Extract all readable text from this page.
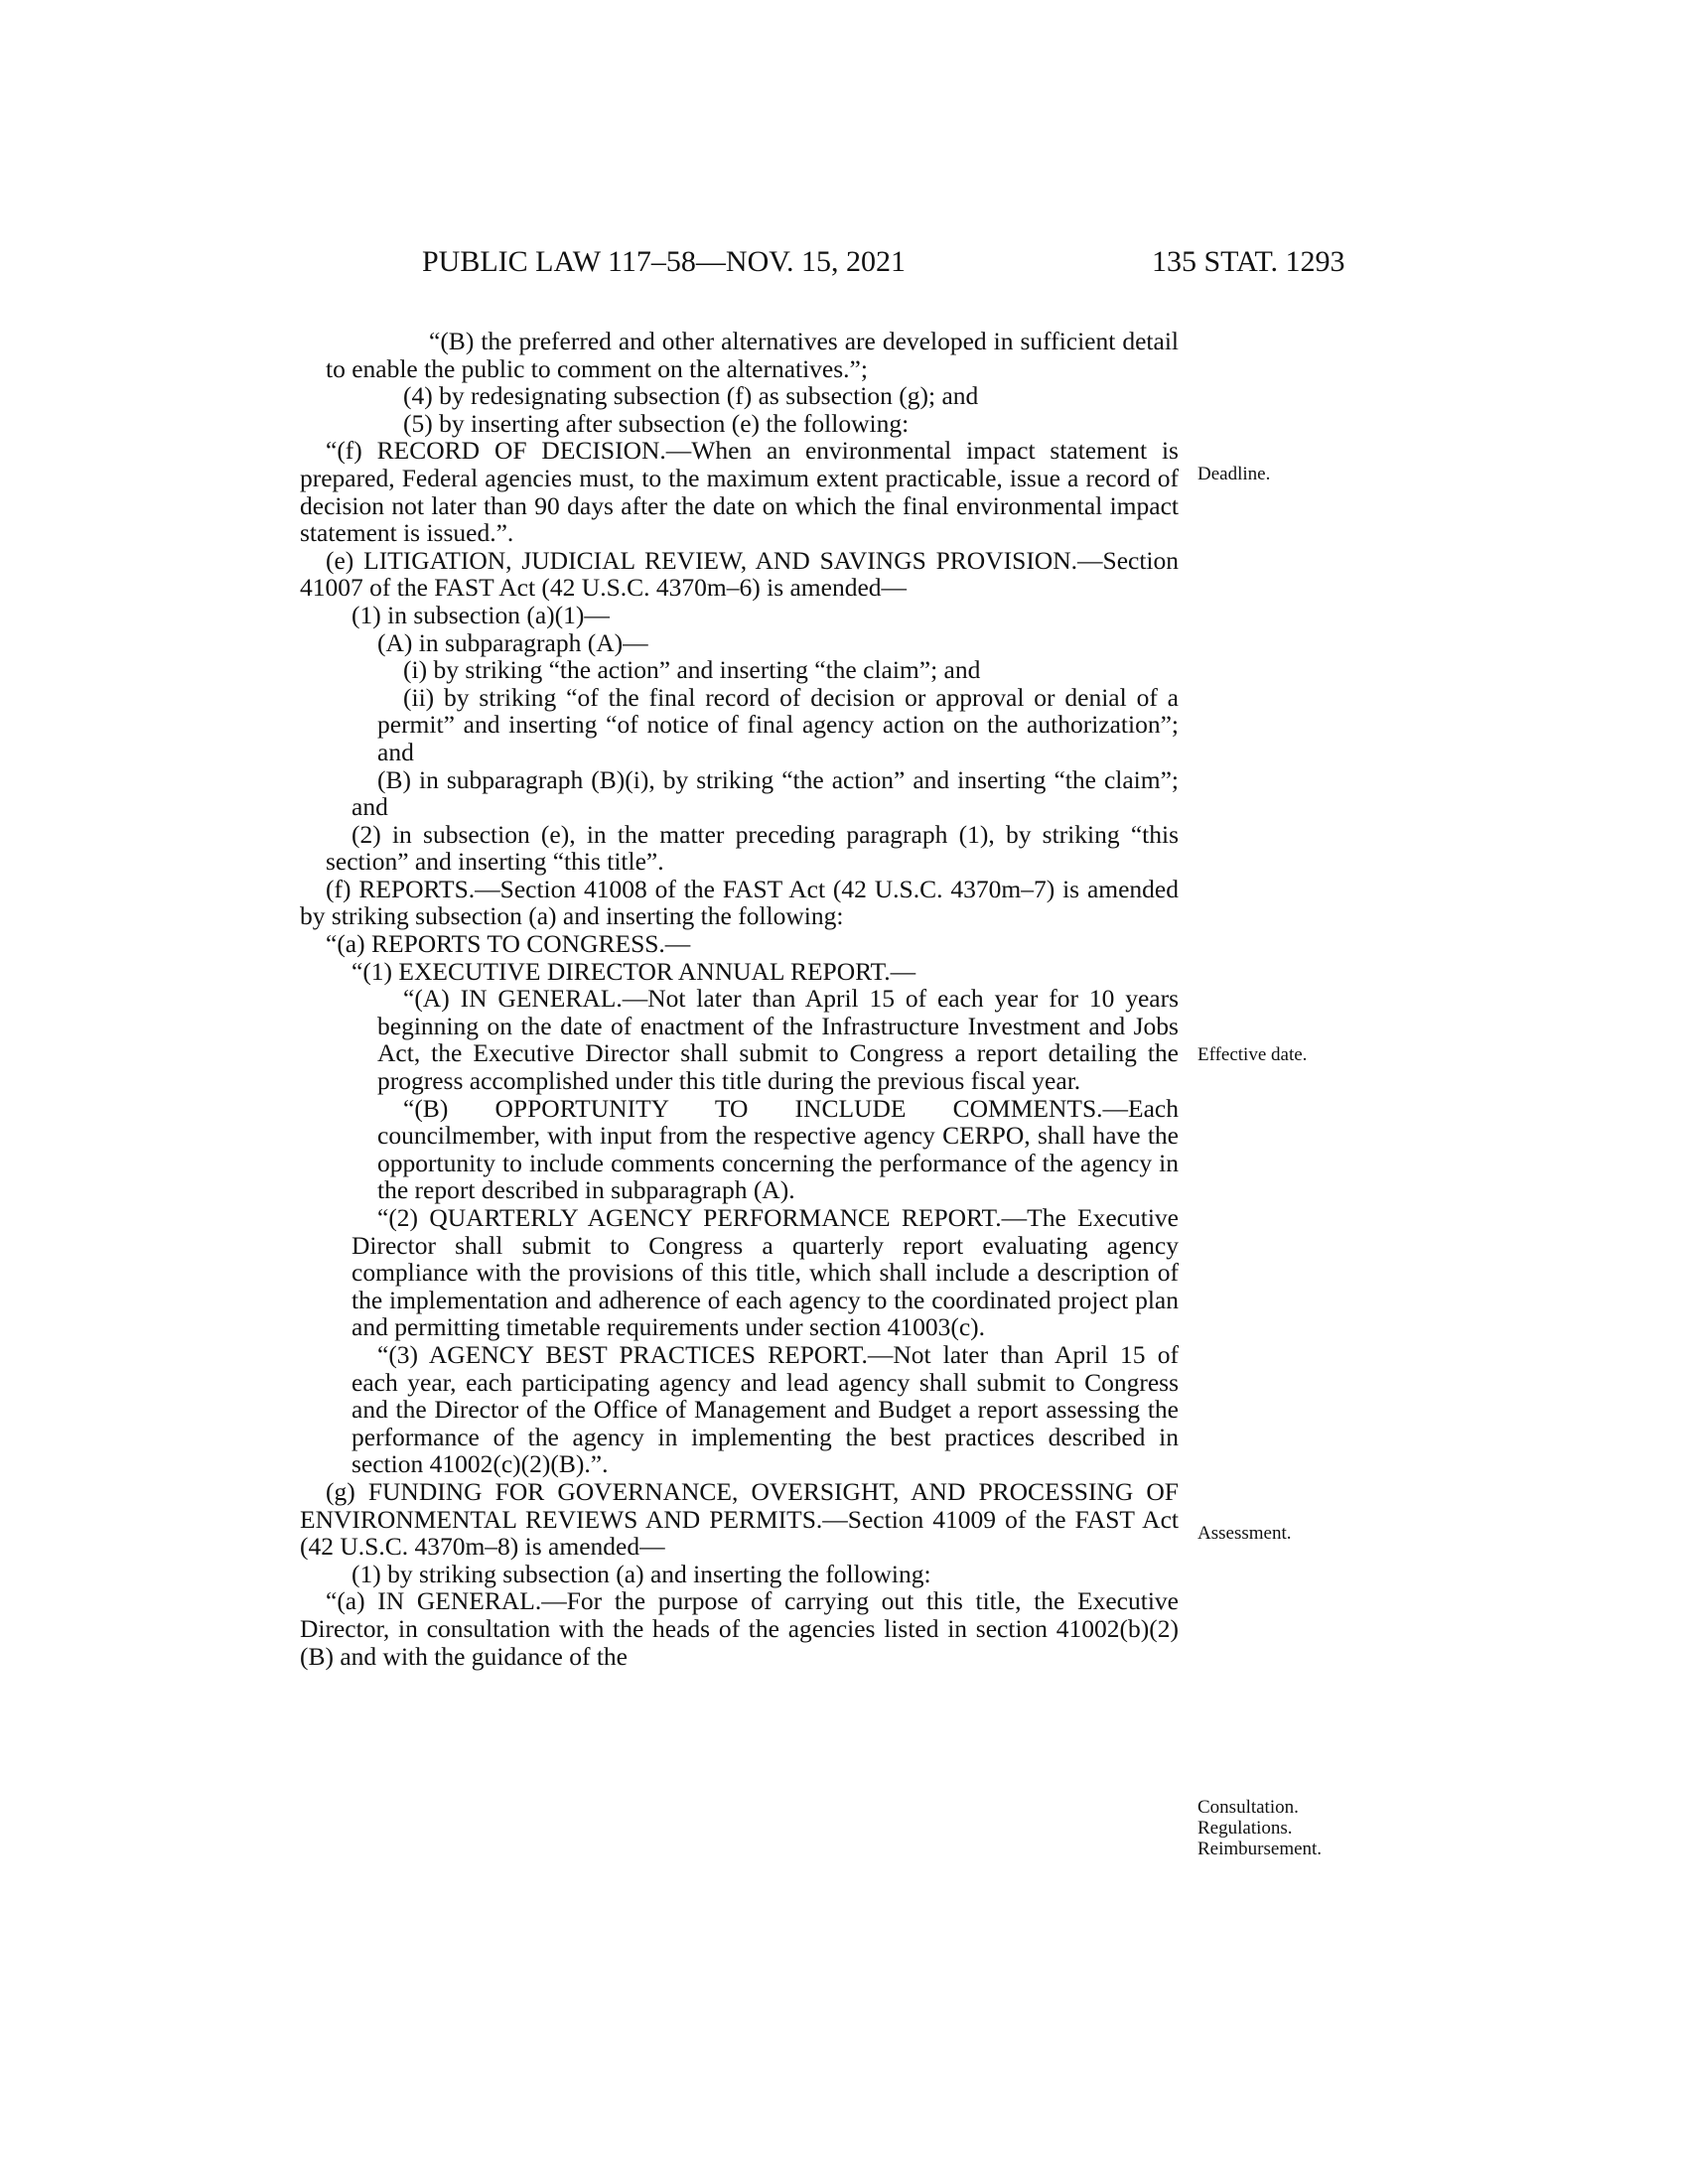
PUBLIC LAW 117–58—NOV. 15, 2021	135 STAT. 1293

“(B) the preferred and other alternatives are developed in sufficient detail to enable the public to comment on the alternatives.”;

(4) by redesignating subsection (f) as subsection (g); and

(5) by inserting after subsection (e) the following:

“(f) RECORD OF DECISION.—When an environmental impact statement is prepared, Federal agencies must, to the maximum extent practicable, issue a record of decision not later than 90 days after the date on which the final environmental impact statement is issued.”.

(e) LITIGATION, JUDICIAL REVIEW, AND SAVINGS PROVISION.—Section 41007 of the FAST Act (42 U.S.C. 4370m–6) is amended—

(1) in subsection (a)(1)—

(A) in subparagraph (A)—

(i) by striking “the action” and inserting “the claim”; and

(ii) by striking “of the final record of decision or approval or denial of a permit” and inserting “of notice of final agency action on the authorization”; and

(B) in subparagraph (B)(i), by striking “the action” and inserting “the claim”; and

(2) in subsection (e), in the matter preceding paragraph (1), by striking “this section” and inserting “this title”.

(f) REPORTS.—Section 41008 of the FAST Act (42 U.S.C. 4370m–7) is amended by striking subsection (a) and inserting the following:

“(a) REPORTS TO CONGRESS.—

“(1) EXECUTIVE DIRECTOR ANNUAL REPORT.—

“(A) IN GENERAL.—Not later than April 15 of each year for 10 years beginning on the date of enactment of the Infrastructure Investment and Jobs Act, the Executive Director shall submit to Congress a report detailing the progress accomplished under this title during the previous fiscal year.

“(B) OPPORTUNITY TO INCLUDE COMMENTS.—Each councilmember, with input from the respective agency CERPO, shall have the opportunity to include comments concerning the performance of the agency in the report described in subparagraph (A).

“(2) QUARTERLY AGENCY PERFORMANCE REPORT.—The Executive Director shall submit to Congress a quarterly report evaluating agency compliance with the provisions of this title, which shall include a description of the implementation and adherence of each agency to the coordinated project plan and permitting timetable requirements under section 41003(c).

“(3) AGENCY BEST PRACTICES REPORT.—Not later than April 15 of each year, each participating agency and lead agency shall submit to Congress and the Director of the Office of Management and Budget a report assessing the performance of the agency in implementing the best practices described in section 41002(c)(2)(B).”.

(g) FUNDING FOR GOVERNANCE, OVERSIGHT, AND PROCESSING OF ENVIRONMENTAL REVIEWS AND PERMITS.—Section 41009 of the FAST Act (42 U.S.C. 4370m–8) is amended—

(1) by striking subsection (a) and inserting the following:

“(a) IN GENERAL.—For the purpose of carrying out this title, the Executive Director, in consultation with the heads of the agencies listed in section 41002(b)(2)(B) and with the guidance of the

Deadline.
Effective date.
Assessment.
Consultation.
Regulations.
Reimbursement.
